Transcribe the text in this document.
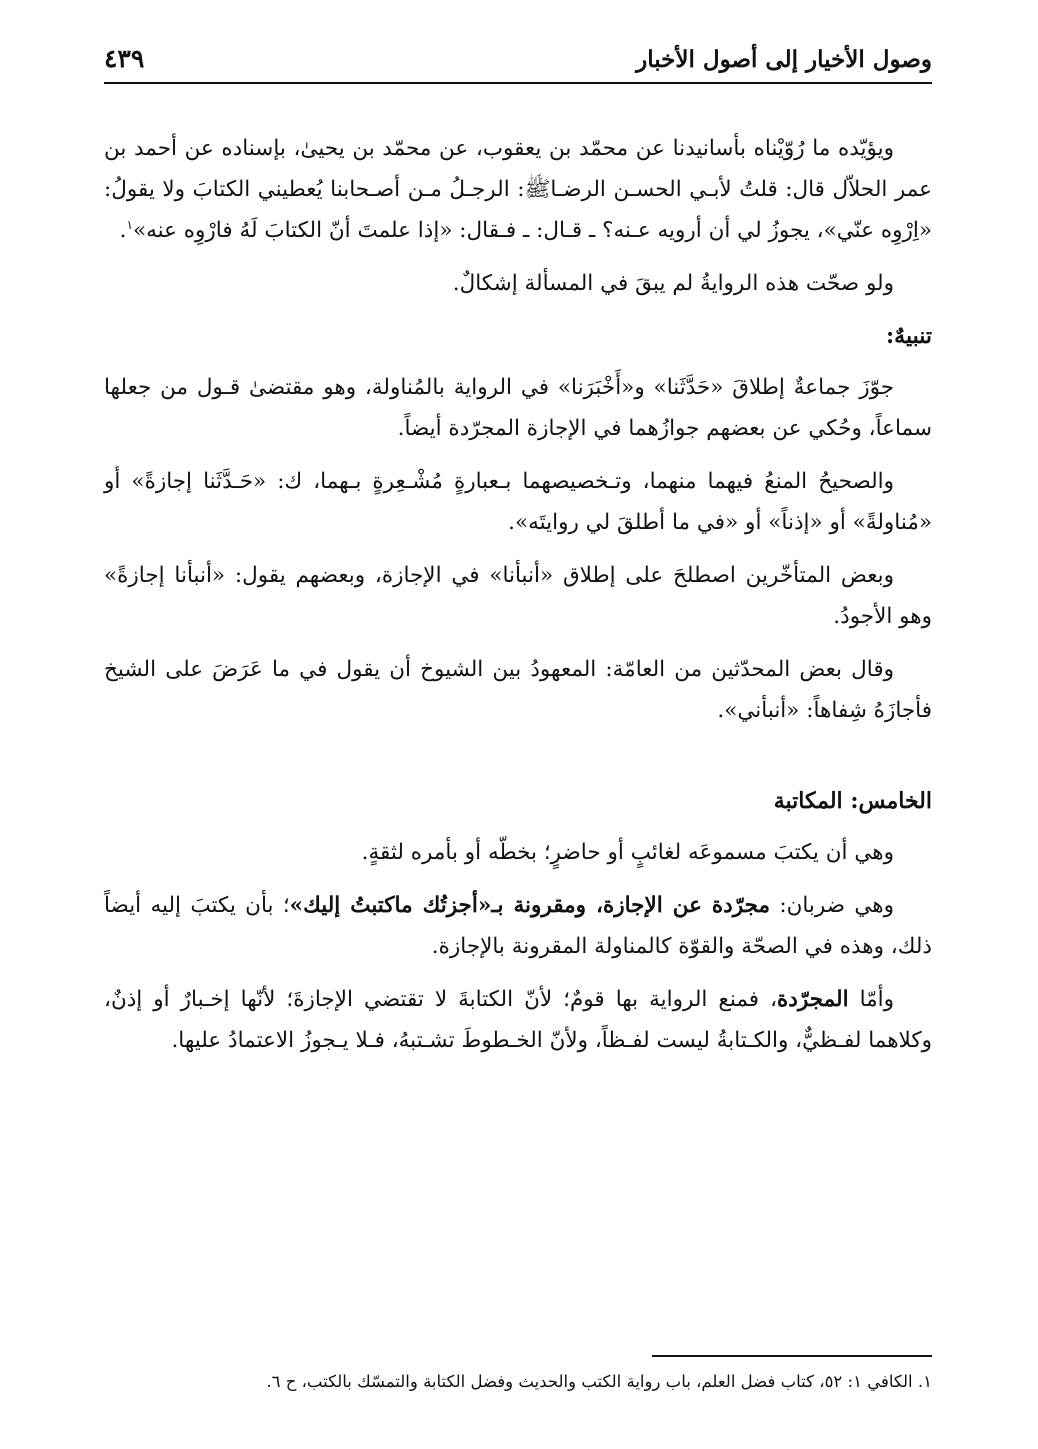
وصول الأخيار إلى أصول الأخبار
٤٣٩

ويؤيّده ما رُوّيْناه بأسانيدنا عن محمّد بن يعقوب، عن محمّد بن يحيىٰ، بإسناده عن أحمد بن عمر الحلاّل قال: قلتُ لأبـي الحسـن الرضـاﷺ: الرجـلُ مـن أصـحابنا يُعطيني الكتابَ ولا يقولُ: «اِرْوِه عنّي»، يجوزُ لي أن أرويه عـنه؟ ـ قـال: ـ فـقال: «إذا علمتَ أنّ الكتابَ لَهُ فارْوِه عنه»$^١$.

ولو صحّت هذه الروايةُ لم يبقَ في المسألة إشكالٌ.

تنبيهٌ:

جوّزَ جماعةٌ إطلاقَ «حَدَّثَنا» و«أَخْبَرَنا» في الرواية بالمُناولة، وهو مقتضىٰ قـول من جعلها سماعاً، وحُكي عن بعضهم جوازُهما في الإجازة المجرّدة أيضاً.

والصحيحُ المنعُ فيهما منهما، وتـخصيصهما بـعبارةٍ مُشْـعِرةٍ بـهما، ك: «حَـدَّثَنا إجازةً» أو «مُناولةً» أو «إذناً» أو «في ما أطلقَ لي روايتَه».

وبعض المتأخّرين اصطلحَ على إطلاق «أنبأنا» في الإجازة، وبعضهم يقول: «أنبأنا إجازةً» وهو الأجودُ.

وقال بعض المحدّثين من العامّة: المعهودُ بين الشيوخ أن يقول في ما عَرَضَ على الشيخ فأجازَهُ شِفاهاً: «أنبأني».

الخامس: المكاتبة

وهي أن يكتبَ مسموعَه لغائبٍ أو حاضرٍ؛ بخطّه أو بأمره لثقةٍ.

وهي ضربان: مجرّدة عن الإجازة، ومقرونة بـ«أجزتُك ماكتبتُ إليك»؛ بأن يكتبَ إليه أيضاً ذلك، وهذه في الصحّة والقوّة كالمناولة المقرونة بالإجازة.

وأمّا المجرّدة، فمنع الرواية بها قومٌ؛ لأنّ الكتابةَ لا تقتضي الإجازةَ؛ لأنّها إخـبارٌ أو إذنٌ، وكلاهما لفـظيٌّ، والكـتابةُ ليست لفـظاً، ولأنّ الخـطوطَ تشـتبهُ، فـلا يـجوزُ الاعتمادُ عليها.

١. الكافي ١: ٥٢، كتاب فضل العلم، باب رواية الكتب والحديث وفضل الكتابة والتمسّك بالكتب، ح ٦.
